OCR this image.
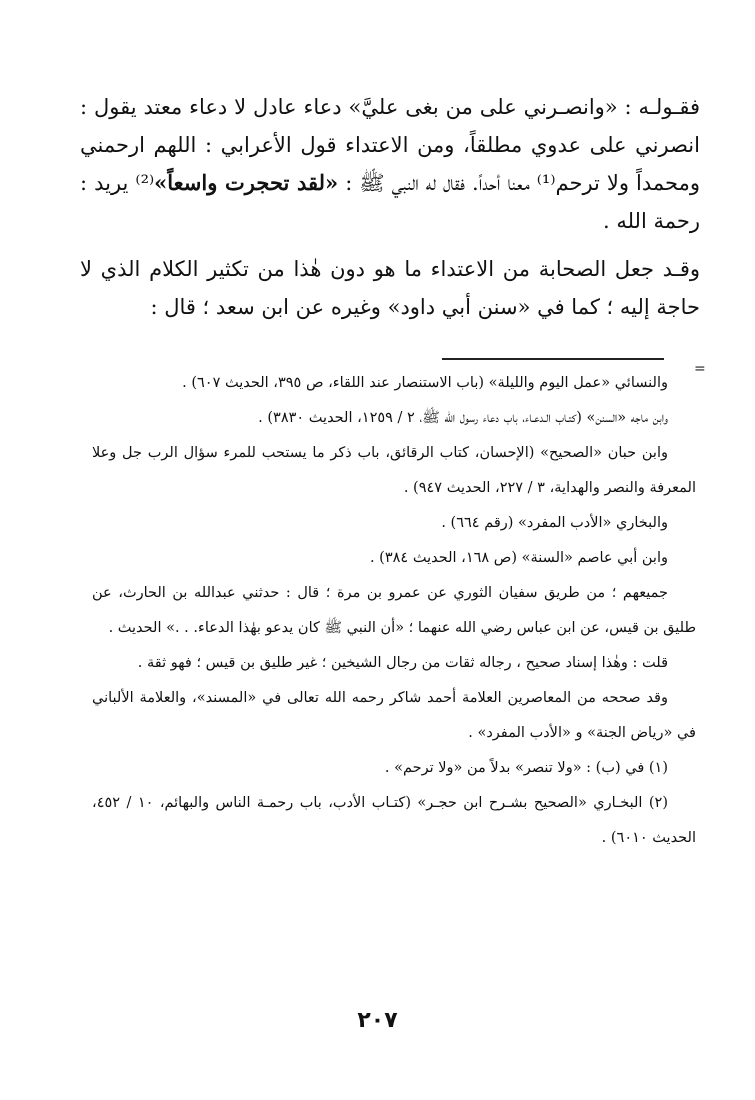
فقـولـه : «وانصـرني على من بغى عليَّ» دعاء عادل لا دعاء معتد يقول : انصرني على عدوي مطلقاً، ومن الاعتداء قول الأعرابي : اللهم ارحمني ومحمداً ولا ترحم⁽¹⁾ معنا أحداً. فقال له النبي ﷺ : «لقد تحجرت واسعاً»⁽²⁾ يريد : رحمة الله .

وقـد جعل الصحابة من الاعتداء ما هو دون هٰذا من تكثير الكلام الذي لا حاجة إليه ؛ كما في «سنن أبي داود» وغيره عن ابن سعد ؛ قال :

=

والنسائي «عمل اليوم والليلة» (باب الاستنصار عند اللقاء، ص ٣٩٥، الحديث ٦٠٧) .

وابن ماجه «السنن» (كتـاب الـدعـاء، باب دعاء رسول الله ﷺ، ٢ / ١٢٥٩، الحديث ٣٨٣٠) .

وابن حبان «الصحيح» (الإحسان، كتاب الرقائق، باب ذكر ما يستحب للمرء سؤال الرب جل وعلا المعرفة والنصر والهداية، ٣ / ٢٢٧، الحديث ٩٤٧) .

والبخاري «الأدب المفرد» (رقم ٦٦٤) .

وابن أبي عاصم «السنة» (ص ١٦٨، الحديث ٣٨٤) .

جميعهم ؛ من طريق سفيان الثوري عن عمرو بن مرة ؛ قال : حدثني عبدالله بن الحارث، عن طليق بن قيس، عن ابن عباس رضي الله عنهما ؛ «أن النبي ﷺ كان يدعو بهٰذا الدعاء. . .» الحديث .

قلت : وهٰذا إسناد صحيح ، رجاله ثقات من رجال الشيخين ؛ غير طليق بن قيس ؛ فهو ثقة .

وقد صححه من المعاصرين العلامة أحمد شاكر رحمه الله تعالى في «المسند»، والعلامة الألباني في «رياض الجنة» و «الأدب المفرد» .

(١) في (ب) : «ولا تنصر» بدلاً من «ولا ترحم» .

(٢) البخـاري «الصحيح بشـرح ابن حجـر» (كتـاب الأدب، باب رحمـة الناس والبهائم، ١٠ / ٤٥٢، الحديث ٦٠١٠) .

٢٠٧
